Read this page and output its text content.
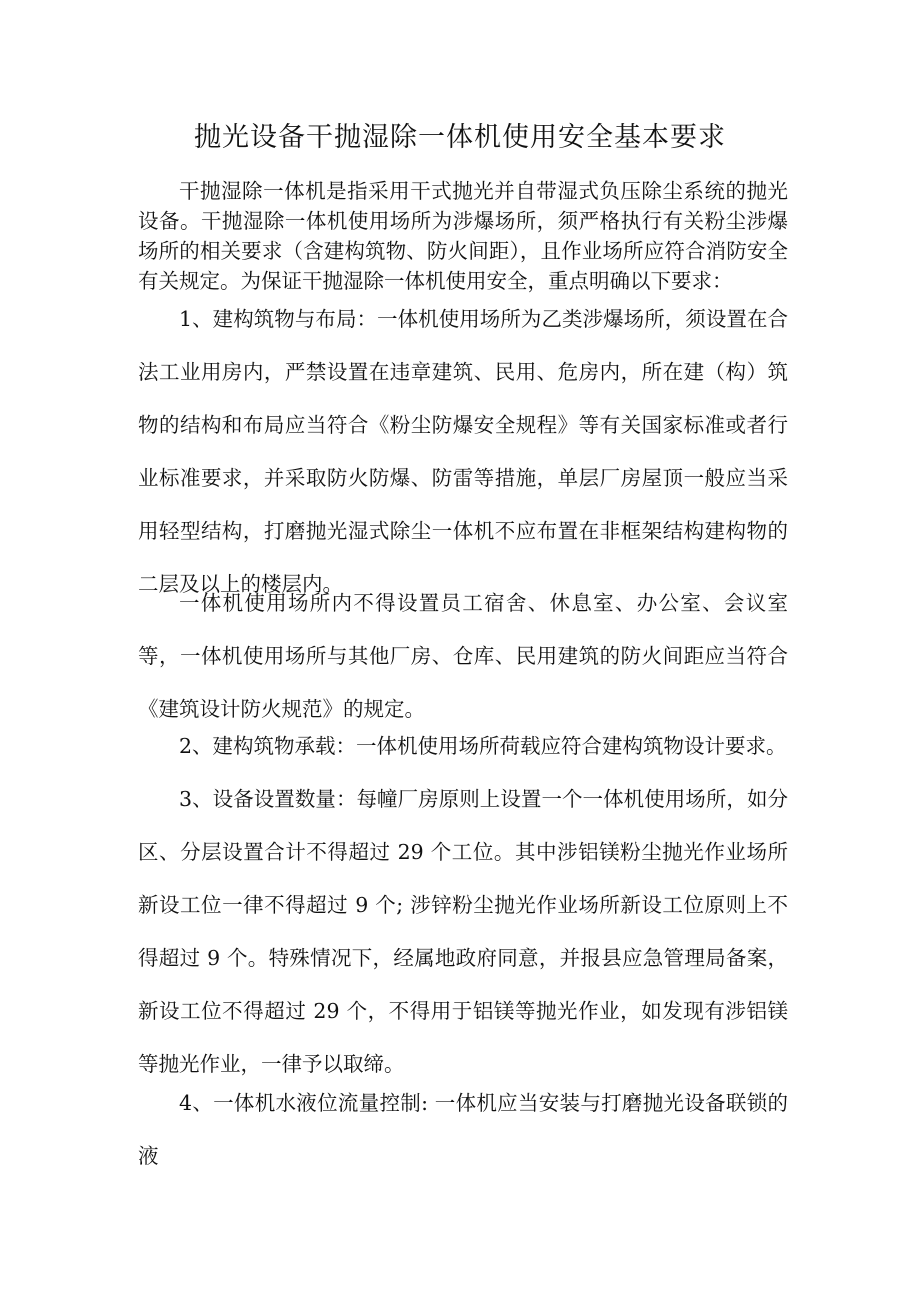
抛光设备干抛湿除一体机使用安全基本要求

干抛湿除一体机是指采用干式抛光并自带湿式负压除尘系统的抛光设备。干抛湿除一体机使用场所为涉爆场所，须严格执行有关粉尘涉爆场所的相关要求（含建构筑物、防火间距），且作业场所应符合消防安全有关规定。为保证干抛湿除一体机使用安全，重点明确以下要求：

1、建构筑物与布局：一体机使用场所为乙类涉爆场所，须设置在合法工业用房内，严禁设置在违章建筑、民用、危房内，所在建（构）筑物的结构和布局应当符合《粉尘防爆安全规程》等有关国家标准或者行业标准要求，并采取防火防爆、防雷等措施，单层厂房屋顶一般应当采用轻型结构，打磨抛光湿式除尘一体机不应布置在非框架结构建构物的二层及以上的楼层内。

一体机使用场所内不得设置员工宿舍、休息室、办公室、会议室等，一体机使用场所与其他厂房、仓库、民用建筑的防火间距应当符合《建筑设计防火规范》的规定。

2、建构筑物承载：一体机使用场所荷载应符合建构筑物设计要求。

3、设备设置数量：每幢厂房原则上设置一个一体机使用场所，如分区、分层设置合计不得超过 29 个工位。其中涉铝镁粉尘抛光作业场所新设工位一律不得超过 9 个; 涉锌粉尘抛光作业场所新设工位原则上不得超过 9 个。特殊情况下，经属地政府同意，并报县应急管理局备案，新设工位不得超过 29 个，不得用于铝镁等抛光作业，如发现有涉铝镁等抛光作业，一律予以取缔。

4、一体机水液位流量控制: 一体机应当安装与打磨抛光设备联锁的液
